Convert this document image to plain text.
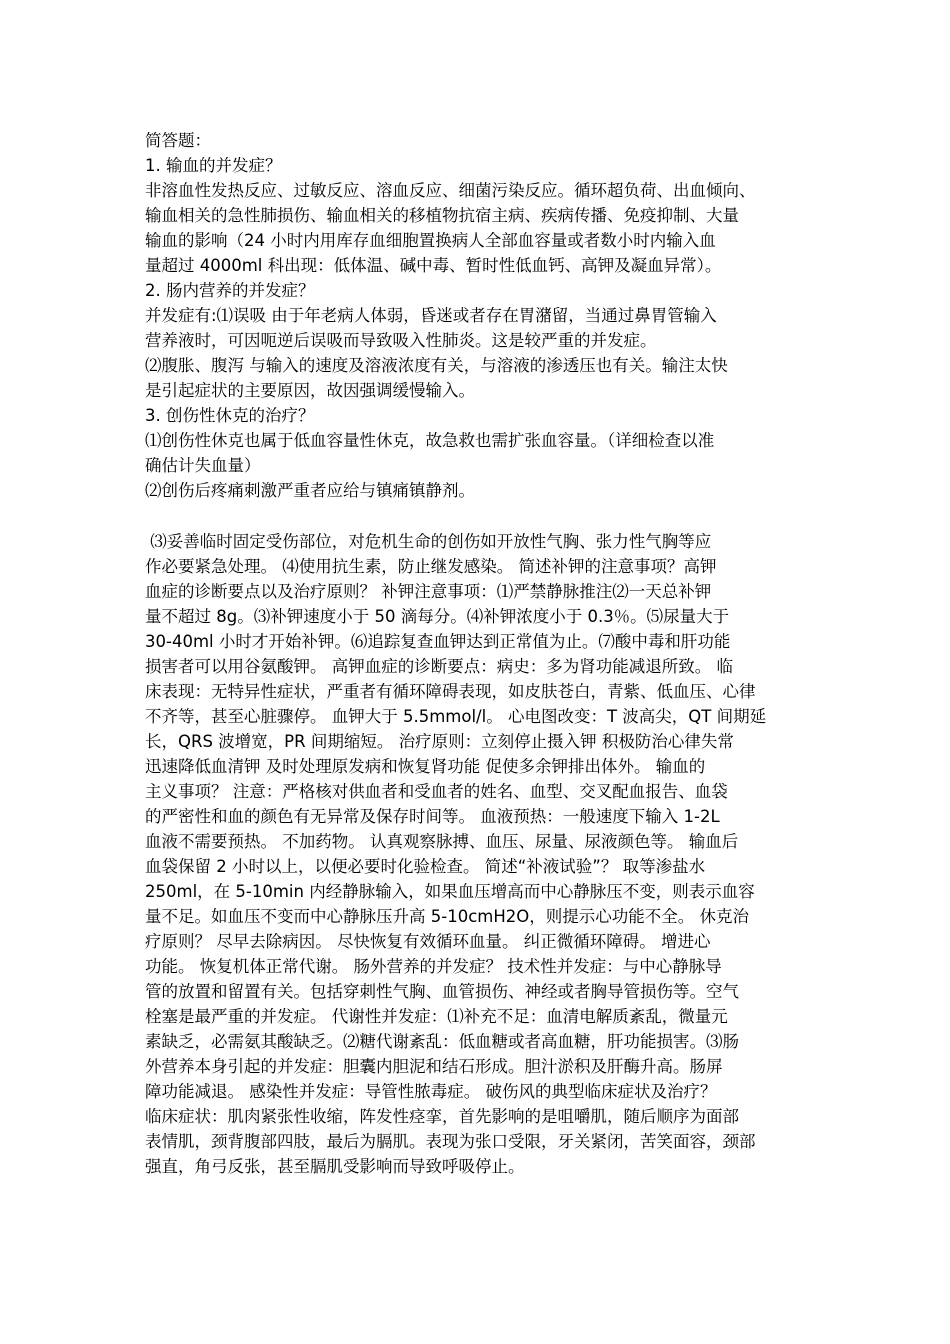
简答题：

1. 输血的并发症？

非溶血性发热反应、过敏反应、溶血反应、细菌污染反应。循环超负荷、出血倾向、

输血相关的急性肺损伤、输血相关的移植物抗宿主病、疾病传播、免疫抑制、大量

输血的影响（24 小时内用库存血细胞置换病人全部血容量或者数小时内输入血

量超过 4000ml 科出现：低体温、碱中毒、暂时性低血钙、高钾及凝血异常）。

2. 肠内营养的并发症？

并发症有:⑴误吸 由于年老病人体弱，昏迷或者存在胃潴留，当通过鼻胃管输入

营养液时，可因呃逆后误吸而导致吸入性肺炎。这是较严重的并发症。

⑵腹胀、腹泻 与输入的速度及溶液浓度有关，与溶液的渗透压也有关。输注太快

是引起症状的主要原因，故因强调缓慢输入。

3. 创伤性休克的治疗？

⑴创伤性休克也属于低血容量性休克，故急救也需扩张血容量。（详细检查以准

确估计失血量）

⑵创伤后疼痛刺激严重者应给与镇痛镇静剂。

⑶妥善临时固定受伤部位，对危机生命的创伤如开放性气胸、张力性气胸等应

作必要紧急处理。 ⑷使用抗生素，防止继发感染。 简述补钾的注意事项？高钾

血症的诊断要点以及治疗原则？ 补钾注意事项：⑴严禁静脉推注⑵一天总补钾

量不超过 8g。⑶补钾速度小于 50 滴每分。⑷补钾浓度小于 0.3％。⑸尿量大于

30-40ml 小时才开始补钾。⑹追踪复查血钾达到正常值为止。⑺酸中毒和肝功能

损害者可以用谷氨酸钾。 高钾血症的诊断要点：病史：多为肾功能减退所致。 临

床表现：无特异性症状，严重者有循环障碍表现，如皮肤苍白，青紫、低血压、心律

不齐等，甚至心脏骤停。 血钾大于 5.5mmol/l。 心电图改变：T 波高尖，QT 间期延

长，QRS 波增宽，PR 间期缩短。 治疗原则：立刻停止摄入钾 积极防治心律失常

迅速降低血清钾 及时处理原发病和恢复肾功能 促使多余钾排出体外。 输血的

主义事项？ 注意：严格核对供血者和受血者的姓名、血型、交叉配血报告、血袋

的严密性和血的颜色有无异常及保存时间等。 血液预热：一般速度下输入 1-2L

血液不需要预热。 不加药物。 认真观察脉搏、血压、尿量、尿液颜色等。 输血后

血袋保留 2 小时以上，以便必要时化验检查。 简述“补液试验”？ 取等渗盐水

250ml，在 5-10min 内经静脉输入，如果血压增高而中心静脉压不变，则表示血容

量不足。如血压不变而中心静脉压升高 5-10cmH2O，则提示心功能不全。 休克治

疗原则？ 尽早去除病因。 尽快恢复有效循环血量。 纠正微循环障碍。 增进心

功能。 恢复机体正常代谢。 肠外营养的并发症？ 技术性并发症：与中心静脉导

管的放置和留置有关。包括穿刺性气胸、血管损伤、神经或者胸导管损伤等。空气

栓塞是最严重的并发症。 代谢性并发症：⑴补充不足：血清电解质紊乱，微量元

素缺乏，必需氨其酸缺乏。⑵糖代谢紊乱：低血糖或者高血糖，肝功能损害。⑶肠

外营养本身引起的并发症：胆囊内胆泥和结石形成。胆汁淤积及肝酶升高。肠屏

障功能减退。 感染性并发症：导管性脓毒症。 破伤风的典型临床症状及治疗？

临床症状：肌肉紧张性收缩，阵发性痉挛，首先影响的是咀嚼肌，随后顺序为面部

表情肌，颈背腹部四肢，最后为膈肌。表现为张口受限，牙关紧闭，苦笑面容，颈部

强直，角弓反张，甚至膈肌受影响而导致呼吸停止。
